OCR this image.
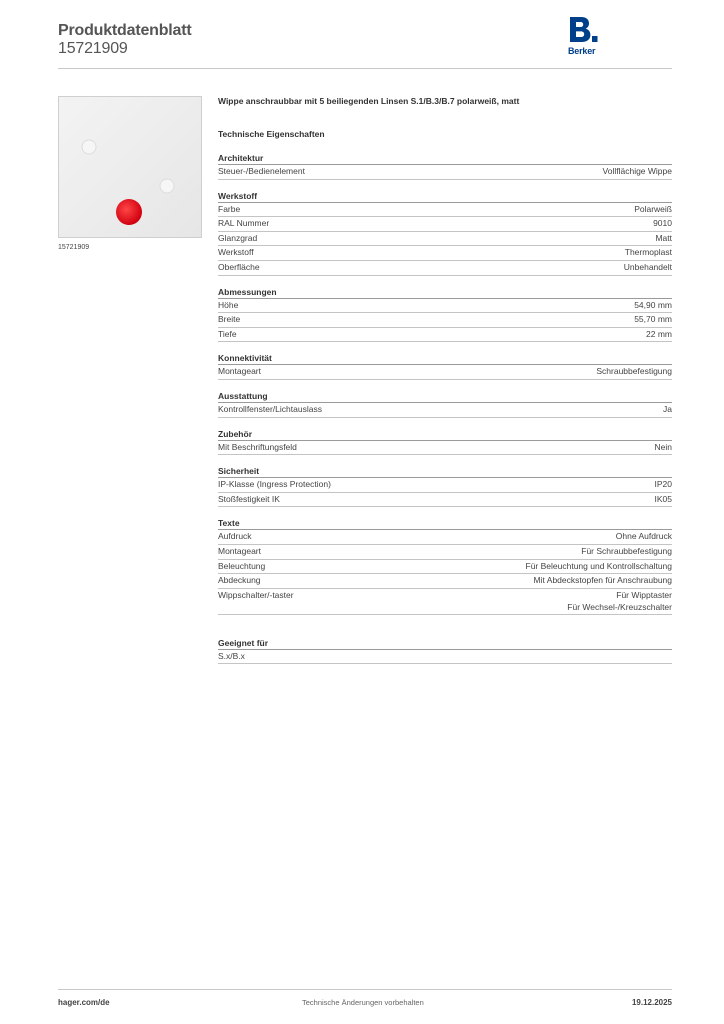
Produktdatenblatt
15721909	Berker
15721909
Wippe anschraubbar mit 5 beiliegenden Linsen S.1/B.3/B.7 polarweiß, matt
Technische Eigenschaften
Architektur
Steuer-/Bedienelement	Vollflächige Wippe
Werkstoff
Farbe	Polarweiß
RAL Nummer	9010
Glanzgrad	Matt
Werkstoff	Thermoplast
Oberfläche	Unbehandelt
Abmessungen
Höhe	54,90 mm
Breite	55,70 mm
Tiefe	22 mm
Konnektivität
Montageart	Schraubbefestigung
Ausstattung
Kontrollfenster/Lichtauslass	Ja
Zubehör
Mit Beschriftungsfeld	Nein
Sicherheit
IP-Klasse (Ingress Protection)	IP20
Stoßfestigkeit IK	IK05
Texte
Aufdruck	Ohne Aufdruck
Montageart	Für Schraubbefestigung
Beleuchtung	Für Beleuchtung und Kontrollschaltung
Abdeckung	Mit Abdeckstopfen für Anschraubung
Wippschalter/-taster	Für Wipptaster
Für Wechsel-/Kreuzschalter
Geeignet für
S.x/B.x
hager.com/de	Technische Änderungen vorbehalten	19.12.2025
